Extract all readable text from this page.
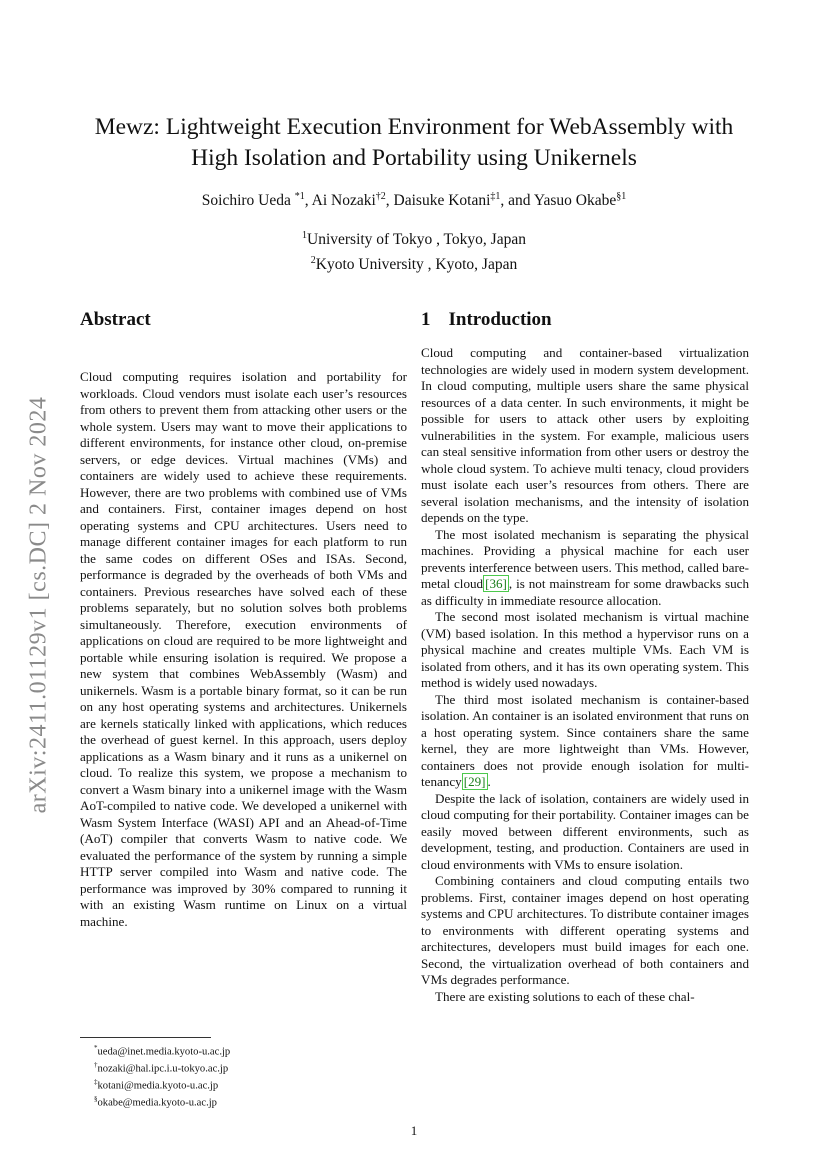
arXiv:2411.01129v1 [cs.DC] 2 Nov 2024
Mewz: Lightweight Execution Environment for WebAssembly with
High Isolation and Portability using Unikernels
Soichiro Ueda $^{*1}$, Ai Nozaki$^{\dagger 2}$, Daisuke Kotani$^{\ddagger 1}$, and Yasuo Okabe$^{\S 1}$
$^1$University of Tokyo , Tokyo, Japan
$^2$Kyoto University , Kyoto, Japan
Abstract	1 Introduction

Cloud computing requires isolation and portability for workloads. Cloud vendors must isolate each user’s resources from others to prevent them from attacking other users or the whole system. Users may want to move their applications to different environments, for instance other cloud, on-premise servers, or edge devices. Virtual machines (VMs) and containers are widely used to achieve these requirements. However, there are two problems with combined use of VMs and containers. First, container images depend on host operating systems and CPU architectures. Users need to manage different container images for each platform to run the same codes on different OSes and ISAs. Second, performance is degraded by the overheads of both VMs and containers. Previous researches have solved each of these problems separately, but no solution solves both problems simultaneously. Therefore, execution environments of applications on cloud are required to be more lightweight and portable while ensuring isolation is required. We propose a new system that combines WebAssembly (Wasm) and unikernels. Wasm is a portable binary format, so it can be run on any host operating systems and architectures. Unikernels are kernels statically linked with applications, which reduces the overhead of guest kernel. In this approach, users deploy applications as a Wasm binary and it runs as a unikernel on cloud. To realize this system, we propose a mechanism to convert a Wasm binary into a unikernel image with the Wasm AoT-compiled to native code. We developed a unikernel with Wasm System Interface (WASI) API and an Ahead-of-Time (AoT) compiler that converts Wasm to native code. We evaluated the performance of the system by running a simple HTTP server compiled into Wasm and native code. The performance was improved by 30% compared to running it with an existing Wasm runtime on Linux on a virtual machine.

Cloud computing and container-based virtualization technologies are widely used in modern system development. In cloud computing, multiple users share the same physical resources of a data center. In such environments, it might be possible for users to attack other users by exploiting vulnerabilities in the system. For example, malicious users can steal sensitive information from other users or destroy the whole cloud system. To achieve multi tenacy, cloud providers must isolate each user’s resources from others. There are several isolation mechanisms, and the intensity of isolation depends on the type.

The most isolated mechanism is separating the physical machines. Providing a physical machine for each user prevents interference between users. This method, called bare-metal cloud [36] , is not mainstream for some drawbacks such as difficulty in immediate resource allocation.

The second most isolated mechanism is virtual machine (VM) based isolation. In this method a hypervisor runs on a physical machine and creates multiple VMs. Each VM is isolated from others, and it has its own operating system. This method is widely used nowadays.

The third most isolated mechanism is container-based isolation. An container is an isolated environment that runs on a host operating system. Since containers share the same kernel, they are more lightweight than VMs. However, containers does not provide enough isolation for multi-tenancy [29] .

Despite the lack of isolation, containers are widely used in cloud computing for their portability. Container images can be easily moved between different environments, such as development, testing, and production. Containers are used in cloud environments with VMs to ensure isolation.

Combining containers and cloud computing entails two problems. First, container images depend on host operating systems and CPU architectures. To distribute container images to environments with different operating systems and architectures, developers must build images for each one. Second, the virtualization overhead of both containers and VMs degrades performance.

There are existing solutions to each of these chal-

*ueda@inet.media.kyoto-u.ac.jp
†nozaki@hal.ipc.i.u-tokyo.ac.jp
‡kotani@media.kyoto-u.ac.jp
§okabe@media.kyoto-u.ac.jp
1
